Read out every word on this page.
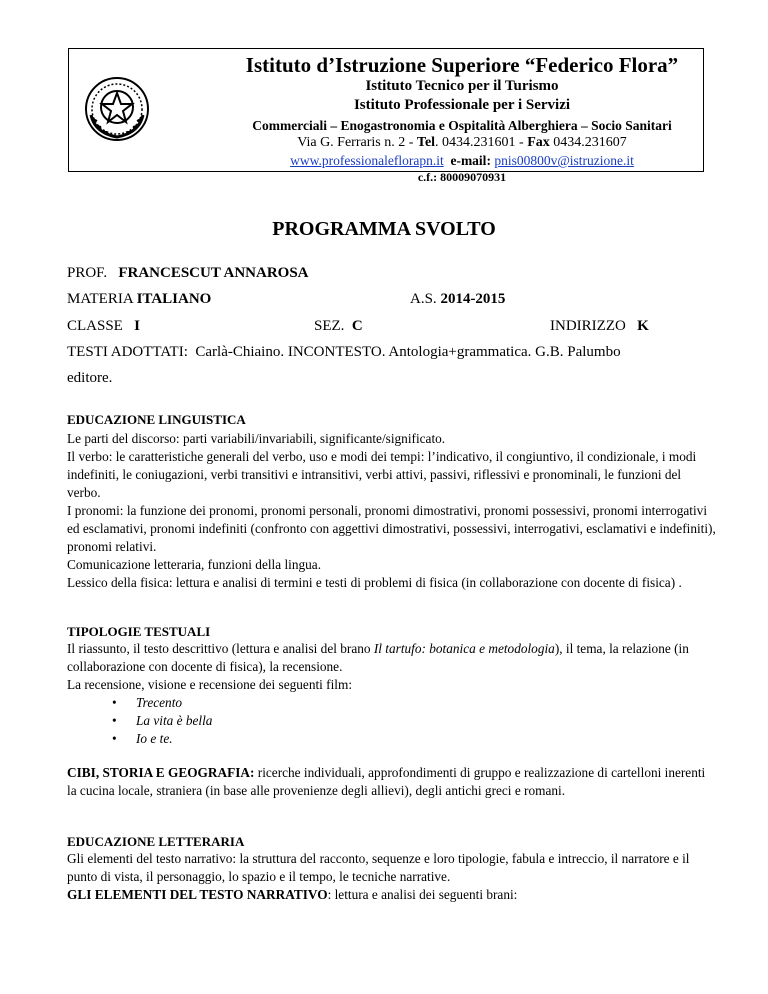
Istituto d’Istruzione Superiore “Federico Flora”
Istituto Tecnico per il Turismo
Istituto Professionale per i Servizi
Commerciali – Enogastronomia e Ospitalità Alberghiera – Socio Sanitari
Via G. Ferraris n. 2 - Tel. 0434.231601 - Fax 0434.231607
www.professionaleflorapn.it e-mail: pnis00800v@istruzione.it
c.f.: 80009070931
PROGRAMMA SVOLTO
PROF. FRANCESCUT ANNAROSA
MATERIA ITALIANO	A.S. 2014-2015
CLASSE I	SEZ. C	INDIRIZZO K
TESTI ADOTTATI: Carlà-Chiaino. INCONTESTO. Antologia+grammatica. G.B. Palumbo
editore.
EDUCAZIONE LINGUISTICA

Le parti del discorso: parti variabili/invariabili, significante/significato.

Il verbo: le caratteristiche generali del verbo, uso e modi dei tempi: l’indicativo, il congiuntivo, il condizionale, i modi indefiniti, le coniugazioni, verbi transitivi e intransitivi, verbi attivi, passivi, riflessivi e pronominali, le funzioni del verbo.

I pronomi: la funzione dei pronomi, pronomi personali, pronomi dimostrativi, pronomi possessivi, pronomi interrogativi ed esclamativi, pronomi indefiniti (confronto con aggettivi dimostrativi, possessivi, interrogativi, esclamativi e indefiniti), pronomi relativi.

Comunicazione letteraria, funzioni della lingua.

Lessico della fisica: lettura e analisi di termini e testi di problemi di fisica (in collaborazione con docente di fisica) .

TIPOLOGIE TESTUALI

Il riassunto, il testo descrittivo (lettura e analisi del brano Il tartufo: botanica e metodologia), il tema, la relazione (in collaborazione con docente di fisica), la recensione.

La recensione, visione e recensione dei seguenti film:

• Trecento
• La vita è bella
• Io e te.

CIBI, STORIA E GEOGRAFIA: ricerche individuali, approfondimenti di gruppo e realizzazione di cartelloni inerenti la cucina locale, straniera (in base alle provenienze degli allievi), degli antichi greci e romani.

EDUCAZIONE LETTERARIA

Gli elementi del testo narrativo: la struttura del racconto, sequenze e loro tipologie, fabula e intreccio, il narratore e il punto di vista, il personaggio, lo spazio e il tempo, le tecniche narrative.

GLI ELEMENTI DEL TESTO NARRATIVO: lettura e analisi dei seguenti brani:
